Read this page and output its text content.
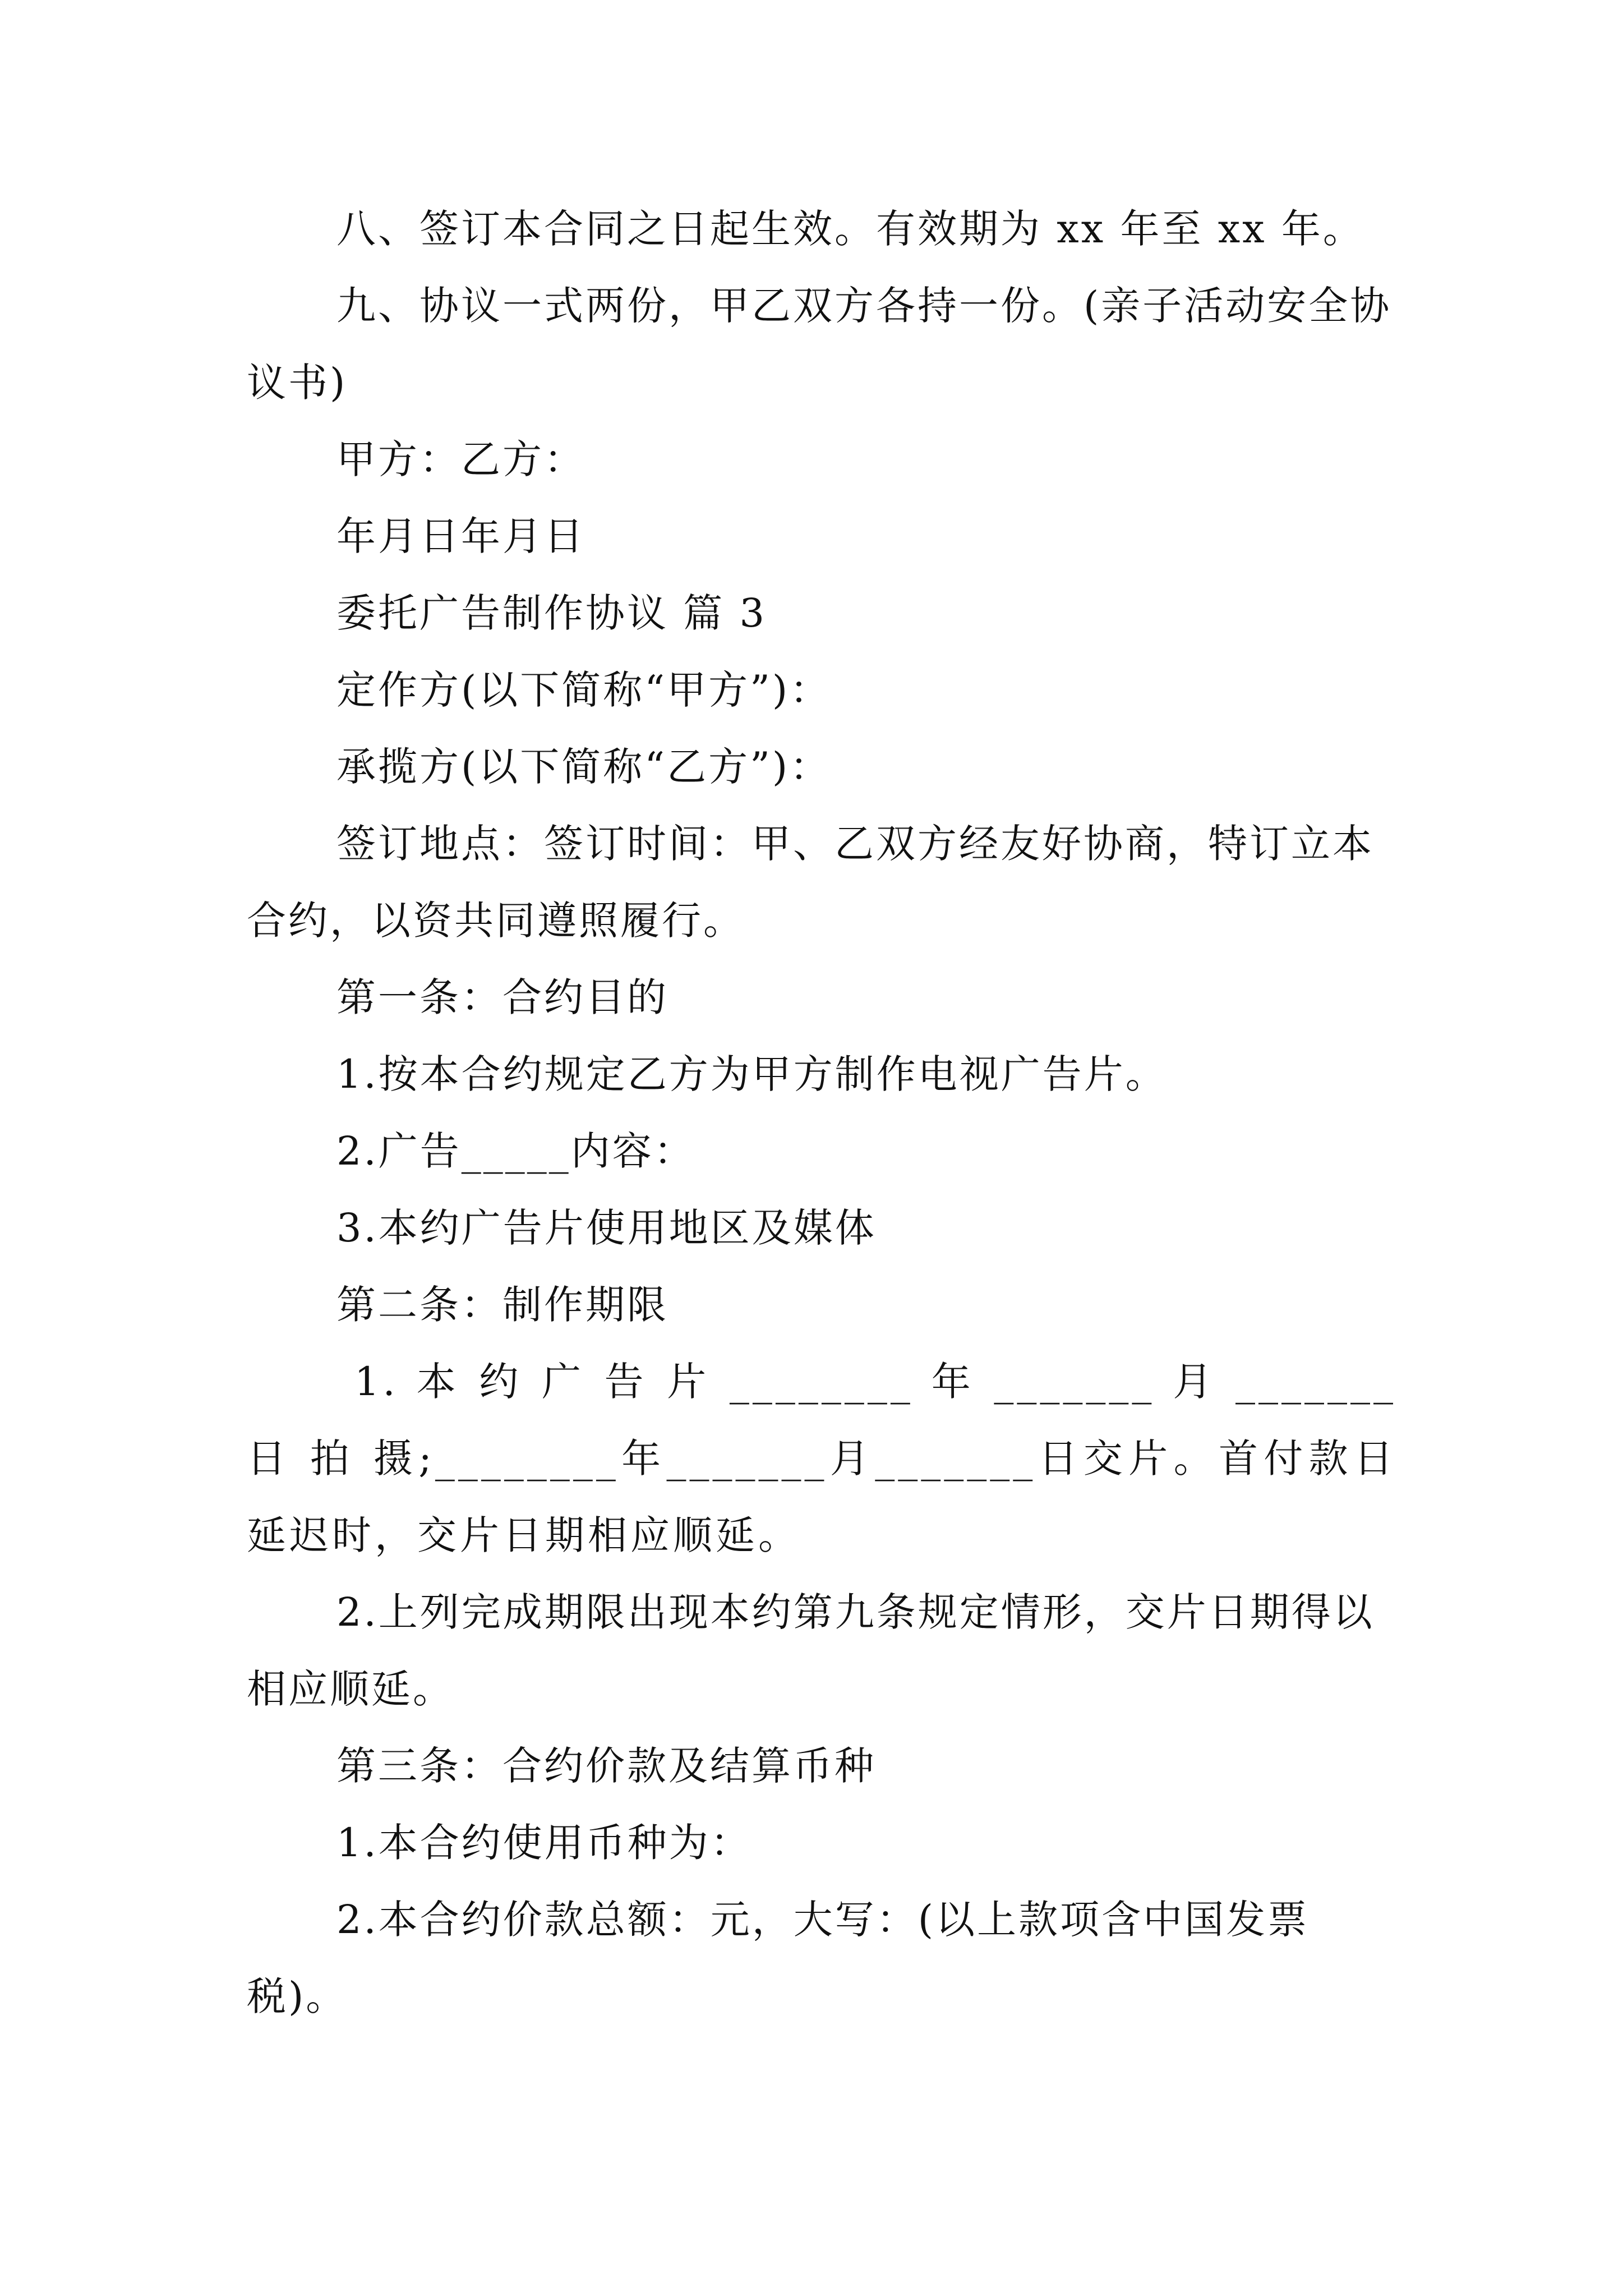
八、签订本合同之日起生效。有效期为 xx 年至 xx 年。

九、协议一式两份，甲乙双方各持一份。(亲子活动安全协议书)

甲方：乙方：

年月日年月日

委托广告制作协议 篇 3

定作方(以下简称“甲方”)：

承揽方(以下简称“乙方”)：

签订地点：签订时间：甲、乙双方经友好协商，特订立本合约，以资共同遵照履行。

第一条：合约目的

1.按本合约规定乙方为甲方制作电视广告片。

2.广告_____内容：

3.本约广告片使用地区及媒体

第二条：制作期限

1. 本 约 广 告 片 ________ 年 _______ 月 _______ 日 拍 摄;________年_______月_______日交片。首付款日延迟时，交片日期相应顺延。

2.上列完成期限出现本约第九条规定情形，交片日期得以相应顺延。

第三条：合约价款及结算币种

1.本合约使用币种为：

2.本合约价款总额：元，大写：(以上款项含中国发票税)。
